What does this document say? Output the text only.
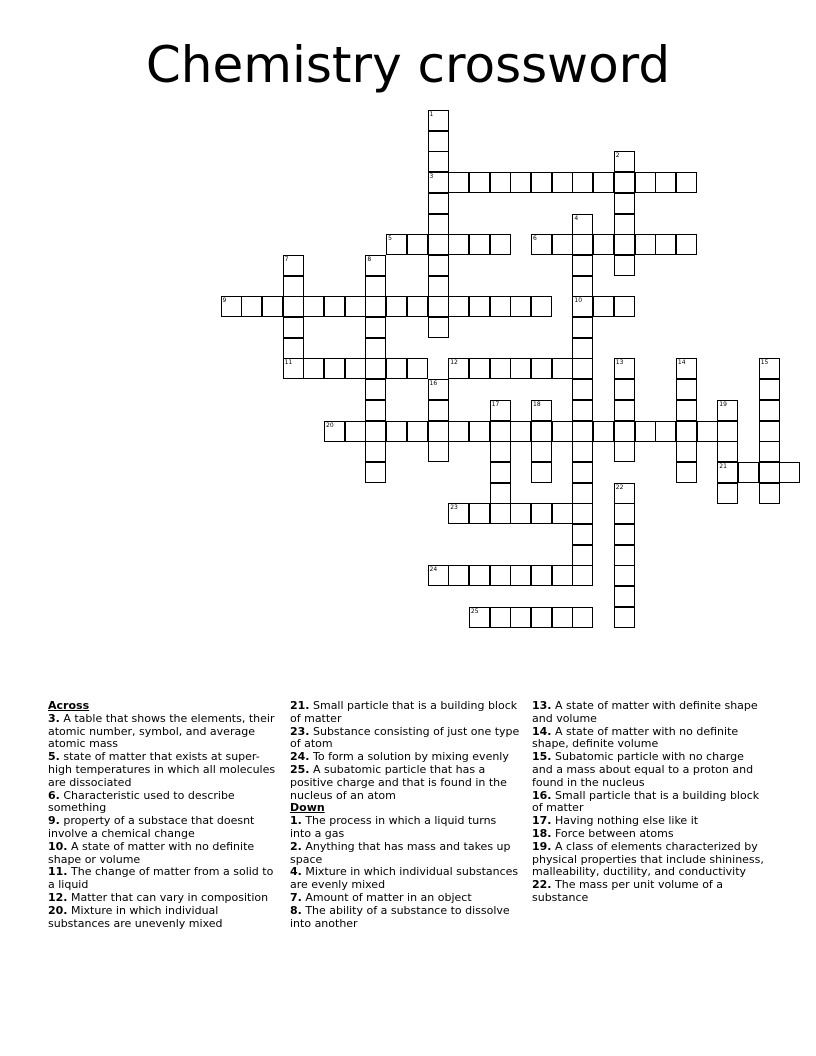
Chemistry crossword
1
3
2
4
10
5	6
7	8
9
11	12	13	14	15
16
17	18	19
21
20
22
23
24
25

Across

3. A table that shows the elements, their atomic number, symbol, and average atomic mass

5. state of matter that exists at super-high temperatures in which all molecules are dissociated

6. Characteristic used to describe something

9. property of a substace that doesnt involve a chemical change

10. A state of matter with no definite shape or volume

11. The change of matter from a solid to a liquid

12. Matter that can vary in composition

20. Mixture in which individual substances are unevenly mixed

21. Small particle that is a building block of matter

23. Substance consisting of just one type of atom

24. To form a solution by mixing evenly

25. A subatomic particle that has a positive charge and that is found in the nucleus of an atom

Down

1. The process in which a liquid turns into a gas

2. Anything that has mass and takes up space

4. Mixture in which individual substances are evenly mixed

7. Amount of matter in an object

8. The ability of a substance to dissolve into another

13. A state of matter with definite shape and volume

14. A state of matter with no definite shape, definite volume

15. Subatomic particle with no charge and a mass about equal to a proton and found in the nucleus

16. Small particle that is a building block of matter

17. Having nothing else like it

18. Force between atoms

19. A class of elements characterized by physical properties that include shininess, malleability, ductility, and conductivity

22. The mass per unit volume of a substance
